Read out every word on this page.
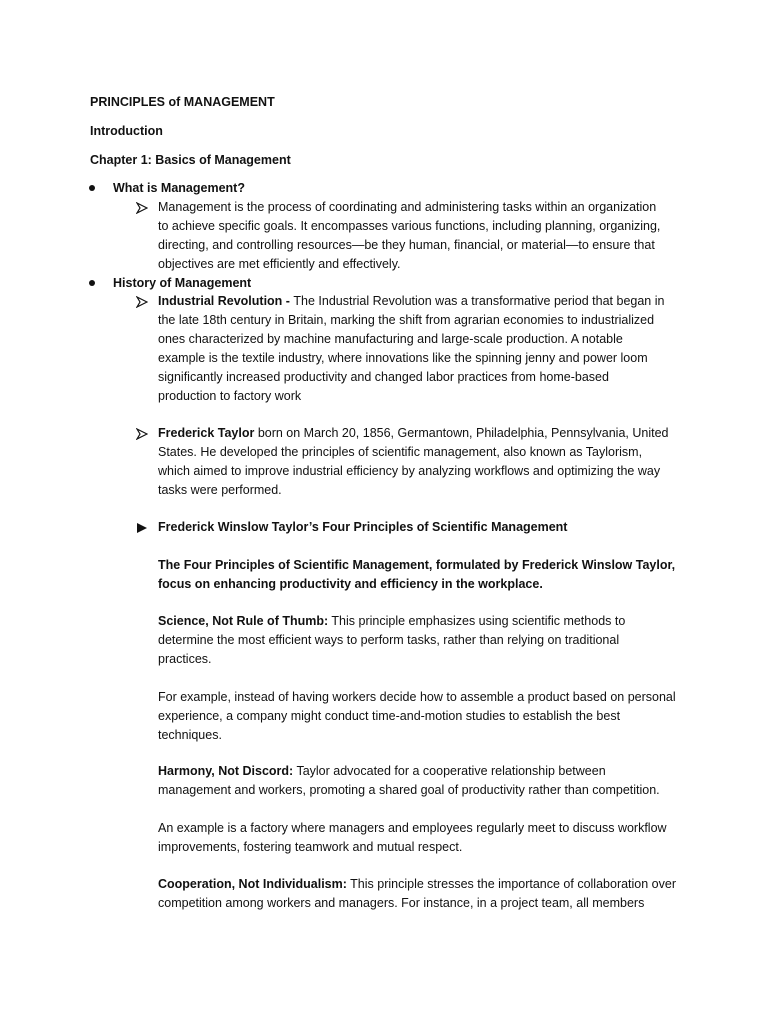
PRINCIPLES of MANAGEMENT
Introduction
Chapter 1: Basics of Management
What is Management?
Management is the process of coordinating and administering tasks within an organization
to achieve specific goals. It encompasses various functions, including planning, organizing,
directing, and controlling resources—be they human, financial, or material—to ensure that
objectives are met efficiently and effectively.
History of Management
Industrial Revolution - The Industrial Revolution was a transformative period that began in
the late 18th century in Britain, marking the shift from agrarian economies to industrialized
ones characterized by machine manufacturing and large-scale production. A notable
example is the textile industry, where innovations like the spinning jenny and power loom
significantly increased productivity and changed labor practices from home-based
production to factory work
Frederick Taylor born on March 20, 1856, Germantown, Philadelphia, Pennsylvania, United
States. He developed the principles of scientific management, also known as Taylorism,
which aimed to improve industrial efficiency by analyzing workflows and optimizing the way
tasks were performed.
Frederick Winslow Taylor’s Four Principles of Scientific Management
The Four Principles of Scientific Management, formulated by Frederick Winslow Taylor,
focus on enhancing productivity and efficiency in the workplace.
Science, Not Rule of Thumb: This principle emphasizes using scientific methods to
determine the most efficient ways to perform tasks, rather than relying on traditional
practices.
For example, instead of having workers decide how to assemble a product based on personal
experience, a company might conduct time-and-motion studies to establish the best
techniques.
Harmony, Not Discord: Taylor advocated for a cooperative relationship between
management and workers, promoting a shared goal of productivity rather than competition.
An example is a factory where managers and employees regularly meet to discuss workflow
improvements, fostering teamwork and mutual respect.
Cooperation, Not Individualism: This principle stresses the importance of collaboration over
competition among workers and managers. For instance, in a project team, all members
